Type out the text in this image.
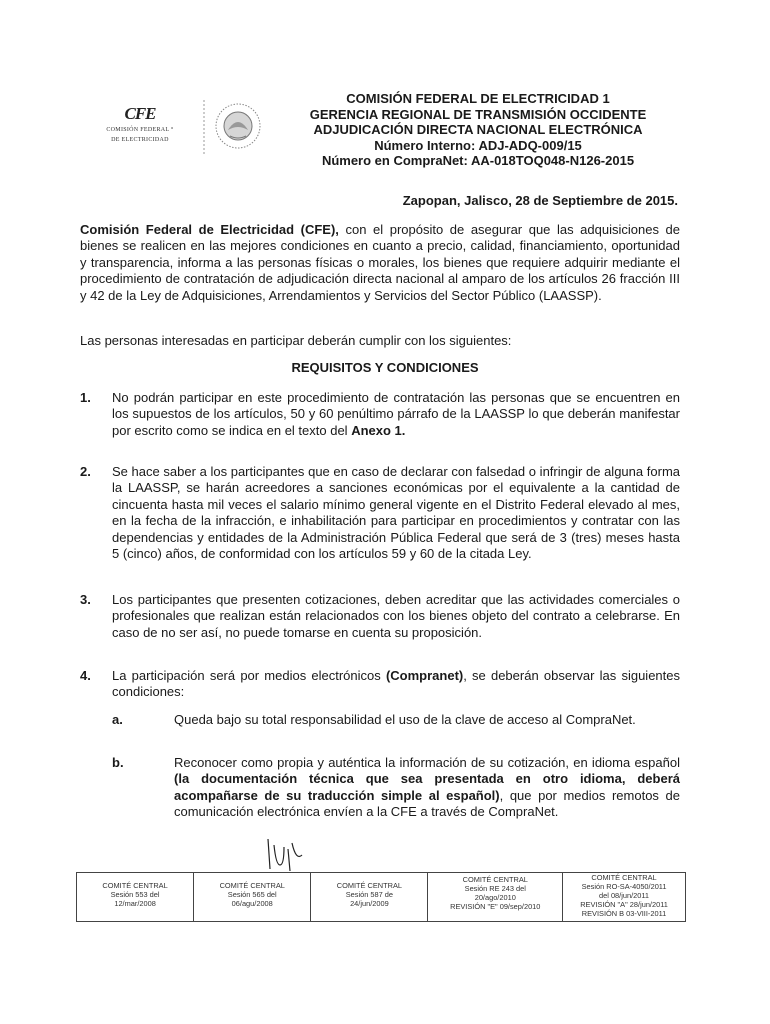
CFE
COMISIÓN FEDERAL °
DE ELECTRICIDAD
COMISIÓN FEDERAL DE ELECTRICIDAD 1
GERENCIA REGIONAL DE TRANSMISIÓN OCCIDENTE
ADJUDICACIÓN DIRECTA NACIONAL ELECTRÓNICA
Número Interno: ADJ-ADQ-009/15
Número en CompraNet: AA-018TOQ048-N126-2015
Zapopan, Jalisco, 28 de Septiembre de 2015.
Comisión Federal de Electricidad (CFE), con el propósito de asegurar que las adquisiciones de bienes se realicen en las mejores condiciones en cuanto a precio, calidad, financiamiento, oportunidad y transparencia, informa a las personas físicas o morales, los bienes que requiere adquirir mediante el procedimiento de contratación de adjudicación directa nacional al amparo de los artículos 26 fracción III y 42 de la Ley de Adquisiciones, Arrendamientos y Servicios del Sector Público (LAASSP).
Las personas interesadas en participar deberán cumplir con los siguientes:
REQUISITOS Y CONDICIONES
1. No podrán participar en este procedimiento de contratación las personas que se encuentren en los supuestos de los artículos, 50 y 60 penúltimo párrafo de la LAASSP lo que deberán manifestar por escrito como se indica en el texto del Anexo 1.
2. Se hace saber a los participantes que en caso de declarar con falsedad o infringir de alguna forma la LAASSP, se harán acreedores a sanciones económicas por el equivalente a la cantidad de cincuenta hasta mil veces el salario mínimo general vigente en el Distrito Federal elevado al mes, en la fecha de la infracción, e inhabilitación para participar en procedimientos y contratar con las dependencias y entidades de la Administración Pública Federal que será de 3 (tres) meses hasta 5 (cinco) años, de conformidad con los artículos 59 y 60 de la citada Ley.
3. Los participantes que presenten cotizaciones, deben acreditar que las actividades comerciales o profesionales que realizan están relacionados con los bienes objeto del contrato a celebrarse. En caso de no ser así, no puede tomarse en cuenta su proposición.
4. La participación será por medios electrónicos (Compranet), se deberán observar las siguientes condiciones:
a.	Queda bajo su total responsabilidad el uso de la clave de acceso al CompraNet.
b.	Reconocer como propia y auténtica la información de su cotización, en idioma español (la documentación técnica que sea presentada en otro idioma, deberá acompañarse de su traducción simple al español), que por medios remotos de comunicación electrónica envíen a la CFE a través de CompraNet.
COMITÉ CENTRAL
Sesión 553 del
12/mar/2008
COMITÉ CENTRAL
Sesión 565 del
06/agu/2008
COMITÉ CENTRAL
Sesión 587 de
24/jun/2009
COMITÉ CENTRAL
Sesión RE 243 del
20/ago/2010
REVISIÓN "E" 09/sep/2010
COMITÉ CENTRAL
Sesión RO-SA-4050/2011
del 08/jun/2011
REVISIÓN "A" 28/jun/2011
REVISIÓN B 03-VIII-2011
